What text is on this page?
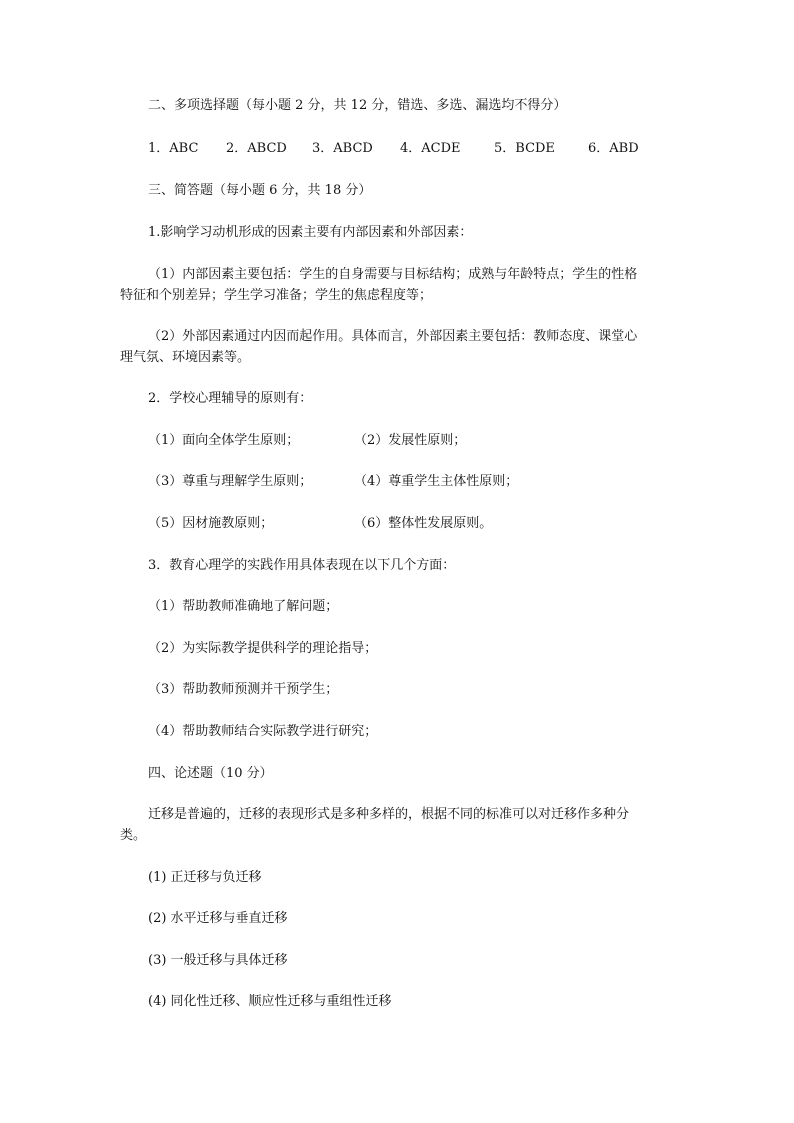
二、多项选择题（每小题 2 分，共 12 分，错选、多选、漏选均不得分）
1．ABC 2．ABCD 3．ABCD 4．ACDE	5．BCDE	6．ABD
三、简答题（每小题 6 分，共 18 分）
1.影响学习动机形成的因素主要有内部因素和外部因素：
（1）内部因素主要包括：学生的自身需要与目标结构；成熟与年龄特点；学生的性格
特征和个别差异；学生学习准备；学生的焦虑程度等；
（2）外部因素通过内因而起作用。具体而言，外部因素主要包括：教师态度、课堂心
理气氛、环境因素等。
2．学校心理辅导的原则有：
（1）面向全体学生原则；	（2）发展性原则；
（3）尊重与理解学生原则；	（4）尊重学生主体性原则；
（5）因材施教原则；	（6）整体性发展原则。
3．教育心理学的实践作用具体表现在以下几个方面：
（1）帮助教师准确地了解问题；
（2）为实际教学提供科学的理论指导；
（3）帮助教师预测并干预学生；
（4）帮助教师结合实际教学进行研究；
四、论述题（10 分）
迁移是普遍的，迁移的表现形式是多种多样的，根据不同的标准可以对迁移作多种分
类。
(1) 正迁移与负迁移
(2) 水平迁移与垂直迁移
(3) 一般迁移与具体迁移
(4) 同化性迁移、顺应性迁移与重组性迁移
